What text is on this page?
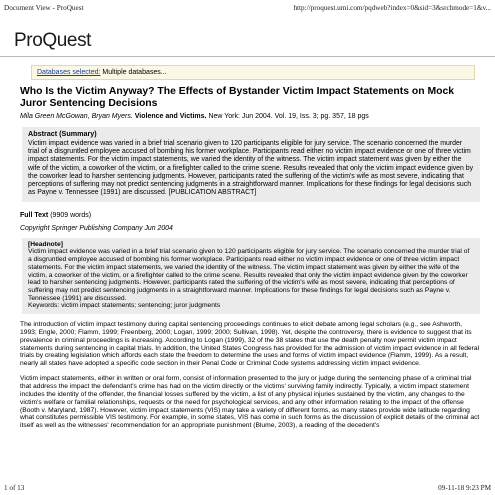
Document View - ProQuest	http://proquest.umi.com/pqdweb?index=0&sid=3&srchmode=1&v...
ProQuest
Databases selected: Multiple databases...
Who Is the Victim Anyway? The Effects of Bystander Victim Impact Statements on Mock Juror Sentencing Decisions
Mila Green McGowan, Bryan Myers. Violence and Victims. New York: Jun 2004. Vol. 19, Iss. 3; pg. 357, 18 pgs
Abstract (Summary)
Victim impact evidence was varied in a brief trial scenario given to 120 participants eligible for jury service. The scenario concerned the murder trial of a disgruntled employee accused of bombing his former workplace. Participants read either no victim impact evidence or one of three victim impact statements. For the victim impact statements, we varied the identity of the witness. The victim impact statement was given by either the wife of the victim, a coworker of the victim, or a firefighter called to the crime scene. Results revealed that only the victim impact evidence given by the coworker lead to harsher sentencing judgments. However, participants rated the suffering of the victim's wife as most severe, indicating that perceptions of suffering may not predict sentencing judgments in a straightforward manner. Implications for these findings for legal decisions such as Payne v. Tennessee (1991) are discussed. [PUBLICATION ABSTRACT]
Full Text (9909 words)
Copyright Springer Publishing Company Jun 2004
[Headnote]
Victim impact evidence was varied in a brief trial scenario given to 120 participants eligible for jury service. The scenario concerned the murder trial of a disgruntled employee accused of bombing his former workplace. Participants read either no victim impact evidence or one of three victim impact statements. For the victim impact statements, we varied the identity of the witness. The victim impact statement was given by either the wife of the victim, a coworker of the victim, or a firefighter called to the crime scene. Results revealed that only the victim impact evidence given by the coworker lead to harsher sentencing judgments. However, participants rated the suffering of the victim's wife as most severe, indicating that perceptions of suffering may not predict sentencing judgments in a straightforward manner. Implications for these findings for legal decisions such as Payne v. Tennessee (1991) are discussed.
Keywords: victim impact statements; sentencing; juror judgments
The introduction of victim impact testimony during capital sentencing proceedings continues to elicit debate among legal scholars (e.g., see Ashworth, 1993; Engle, 2000; Flamm, 1999; Freenberg, 2000; Logan, 1999; 2000; Sullivan, 1998). Yet, despite the controversy, there is evidence to suggest that its prevalence in criminal proceedings is increasing. According to Logan (1999), 32 of the 38 states that use the death penalty now permit victim impact statements during sentencing in capital trials. In addition, the United States Congress has provided for the admission of victim impact evidence in all federal trials by creating legislation which affords each state the freedom to determine the uses and forms of victim impact evidence (Flamm, 1999). As a result, nearly all states have adopted a specific code section in their Penal Code or Criminal Code systems addressing victim impact evidence.
Victim impact statements, either in written or oral form, consist of information presented to the jury or judge during the sentencing phase of a criminal trial that address the impact the defendant's crime has had on the victim directly or the victims' surviving family indirectly. Typically, a victim impact statement includes the identity of the offender, the financial losses suffered by the victim, a list of any physical injuries sustained by the victim, any changes to the victim's welfare or familial relationships, requests or the need for psychological services, and any other information relating to the impact of the offense (Booth v. Maryland, 1987). However, victim impact statements (VIS) may take a variety of different forms, as many states provide wide latitude regarding what constitutes permissible VIS testimony. For example, in some states, VIS has come in such forms as the discussion of explicit details of the criminal act itself as well as the witnesses' recommendation for an appropriate punishment (Blume, 2003), a reading of the decedent's
1 of 13	09-11-18 9:23 PM
